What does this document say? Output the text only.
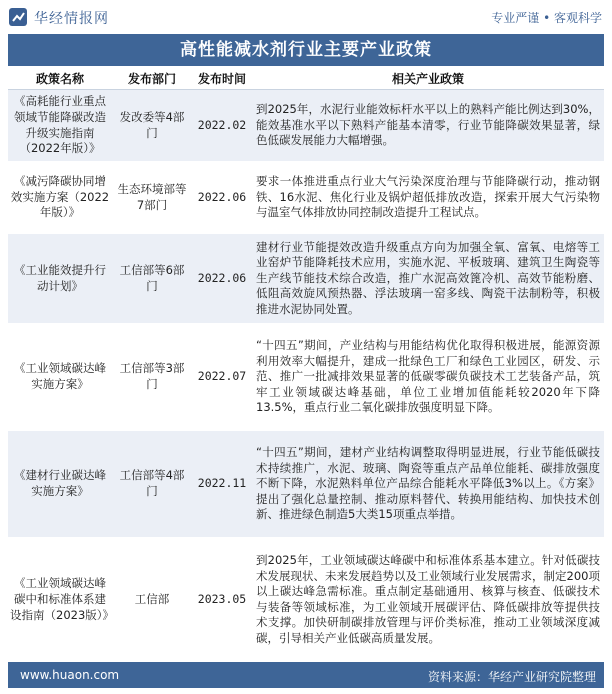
华经情报网	专业严谨 • 客观科学
高性能减水剂行业主要产业政策
政策名称	发布部门	发布时间	相关产业政策
《高耗能行业重点领域节能降碳改造升级实施指南（2022年版）》	发改委等4部门	2022.02	到2025年，水泥行业能效标杆水平以上的熟料产能比例达到30%，能效基准水平以下熟料产能基本清零，行业节能降碳效果显著，绿色低碳发展能力大幅增强。
《减污降碳协同增效实施方案（2022年版）》	生态环境部等7部门	2022.06	要求一体推进重点行业大气污染深度治理与节能降碳行动，推动钢铁、16水泥、焦化行业及锅炉超低排放改造，探索开展大气污染物与温室气体排放协同控制改造提升工程试点。
《工业能效提升行动计划》	工信部等6部门	2022.06	建材行业节能提效改造升级重点方向为加强全氧、富氧、电熔等工业窑炉节能降耗技术应用，实施水泥、平板玻璃、建筑卫生陶瓷等生产线节能技术综合改造，推广水泥高效篦冷机、高效节能粉磨、低阻高效旋风预热器、浮法玻璃一窑多线、陶瓷干法制粉等，积极推进水泥协同处置。
《工业领域碳达峰实施方案》	工信部等3部门	2022.07	“十四五”期间，产业结构与用能结构优化取得积极进展，能源资源利用效率大幅提升，建成一批绿色工厂和绿色工业园区，研发、示范、推广一批减排效果显著的低碳零碳负碳技术工艺装备产品，筑牢工业领域碳达峰基础，单位工业增加值能耗较2020年下降13.5%，重点行业二氧化碳排放强度明显下降。
《建材行业碳达峰实施方案》	工信部等4部门	2022.11	“十四五”期间，建材产业结构调整取得明显进展，行业节能低碳技术持续推广，水泥、玻璃、陶瓷等重点产品单位能耗、碳排放强度不断下降，水泥熟料单位产品综合能耗水平降低3%以上。《方案》提出了强化总量控制、推动原料替代、转换用能结构、加快技术创新、推进绿色制造5大类15项重点举措。
《工业领域碳达峰碳中和标准体系建设指南（2023版）》	工信部	2023.05	到2025年，工业领域碳达峰碳中和标准体系基本建立。针对低碳技术发展现状、未来发展趋势以及工业领域行业发展需求，制定200项以上碳达峰急需标准。重点制定基础通用、核算与核查、低碳技术与装备等领域标准，为工业领域开展碳评估、降低碳排放等提供技术支撑。加快研制碳排放管理与评价类标准，推动工业领域深度减碳，引导相关产业低碳高质量发展。
www.huaon.com	资料来源：华经产业研究院整理
